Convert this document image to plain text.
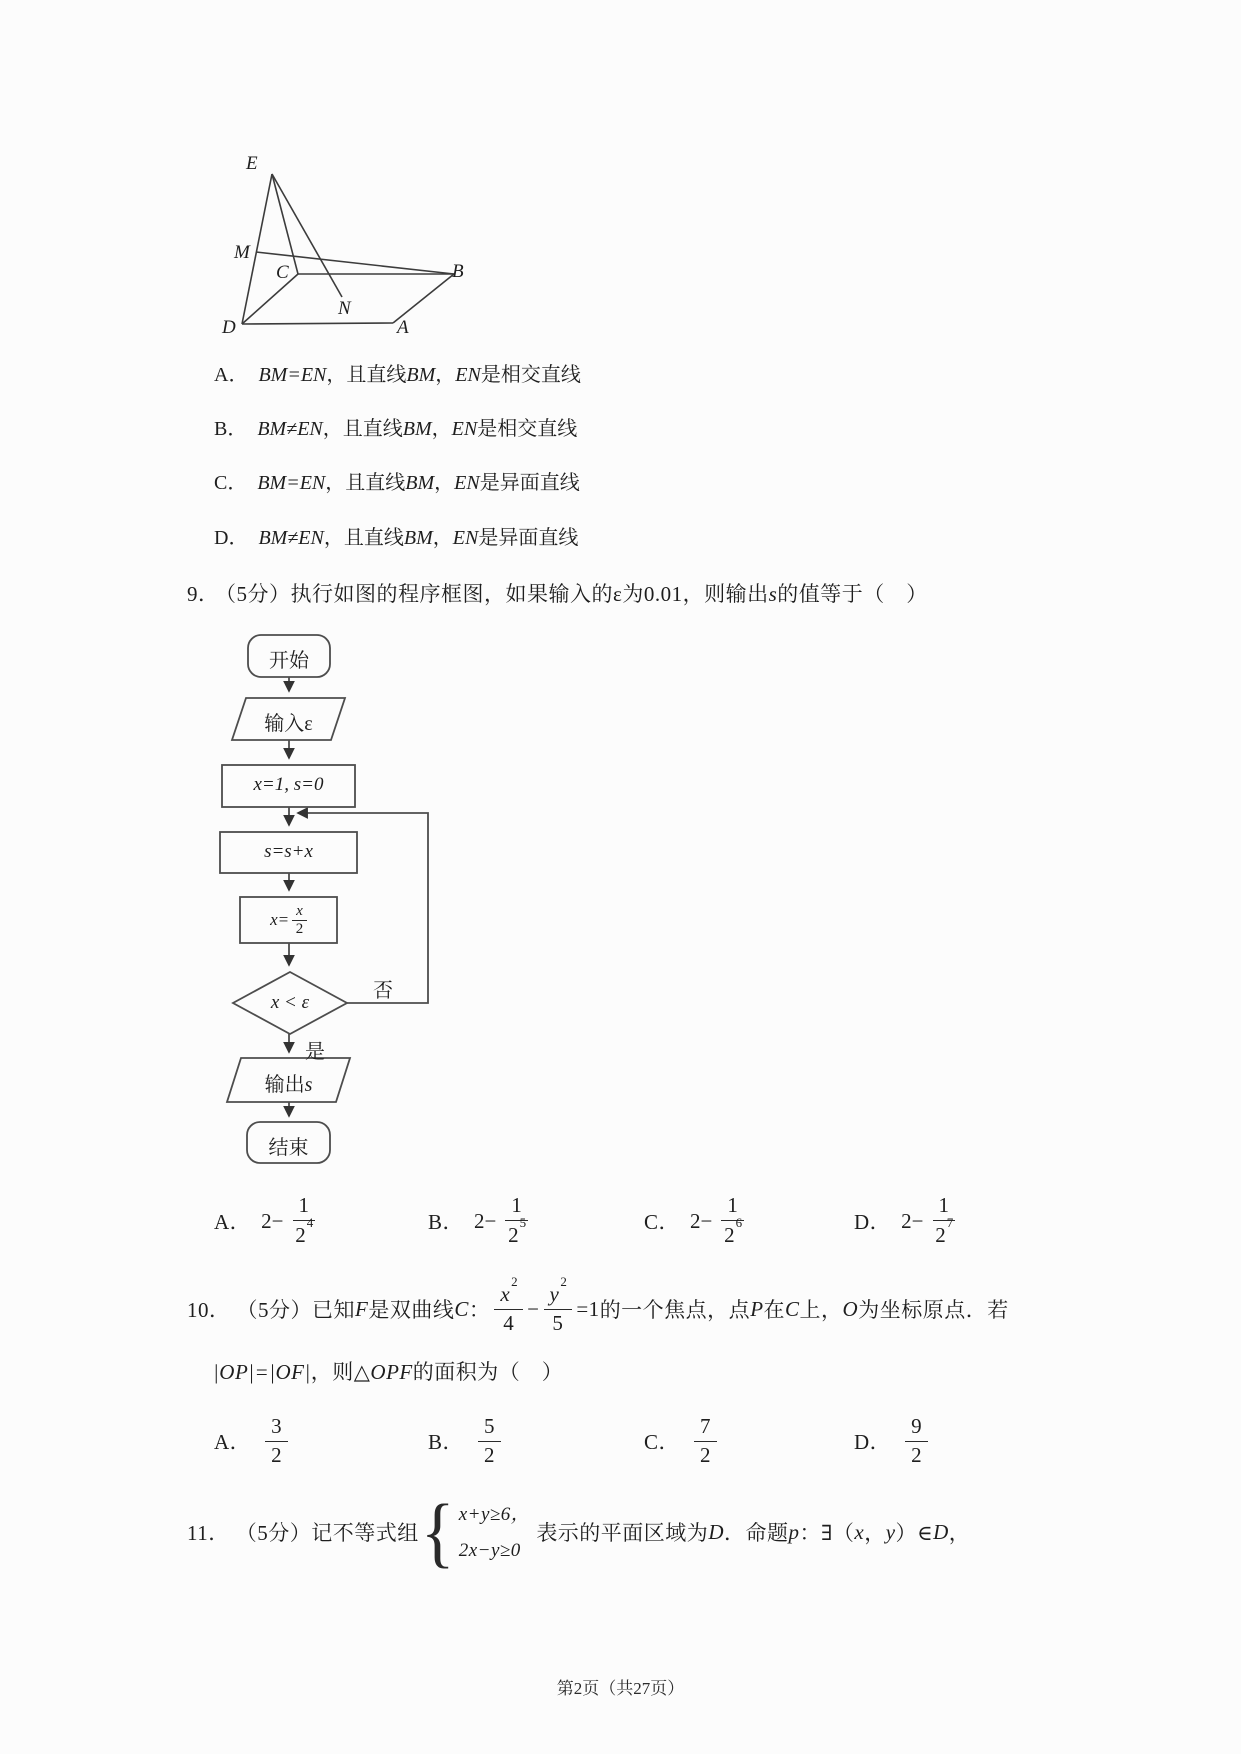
E
M
C	B
N
D	A
A． BM=EN，且直线BM，EN是相交直线
B． BM≠EN，且直线BM，EN是相交直线
C． BM=EN，且直线BM，EN是异面直线
D． BM≠EN，且直线BM，EN是异面直线
9． （5分）执行如图的程序框图，如果输入的ε为0.01，则输出s的值等于（　）
开始
输入ε
x=1, s=0
s=s+x
$x= \frac{x}{2}$
x < ε
否
是
输出s
结束
A． $2- \frac{1}{2^4}$	B． $2- \frac{1}{2^5}$	C． $2- \frac{1}{2^6}$	D． $2- \frac{1}{2^7}$
10． （5分） 已知 F 是双曲线 C ： $\frac{x^2}{4} - \frac{y^2}{5} =1$ 的一个焦点，点 P 在 C 上， O 为坐标原点．若
|OP|=|OF|，则△OPF的面积为（　）
A． $\frac{3}{2}$	B． $\frac{5}{2}$	C． $\frac{7}{2}$	D． $\frac{9}{2}$
11． （5分） 记不等式组 { x+y≥6，
2x−y≥0
表示的平面区域为 D ．命题 p ：∃（ x ， y ）∈ D ，
第2页（共27页）
